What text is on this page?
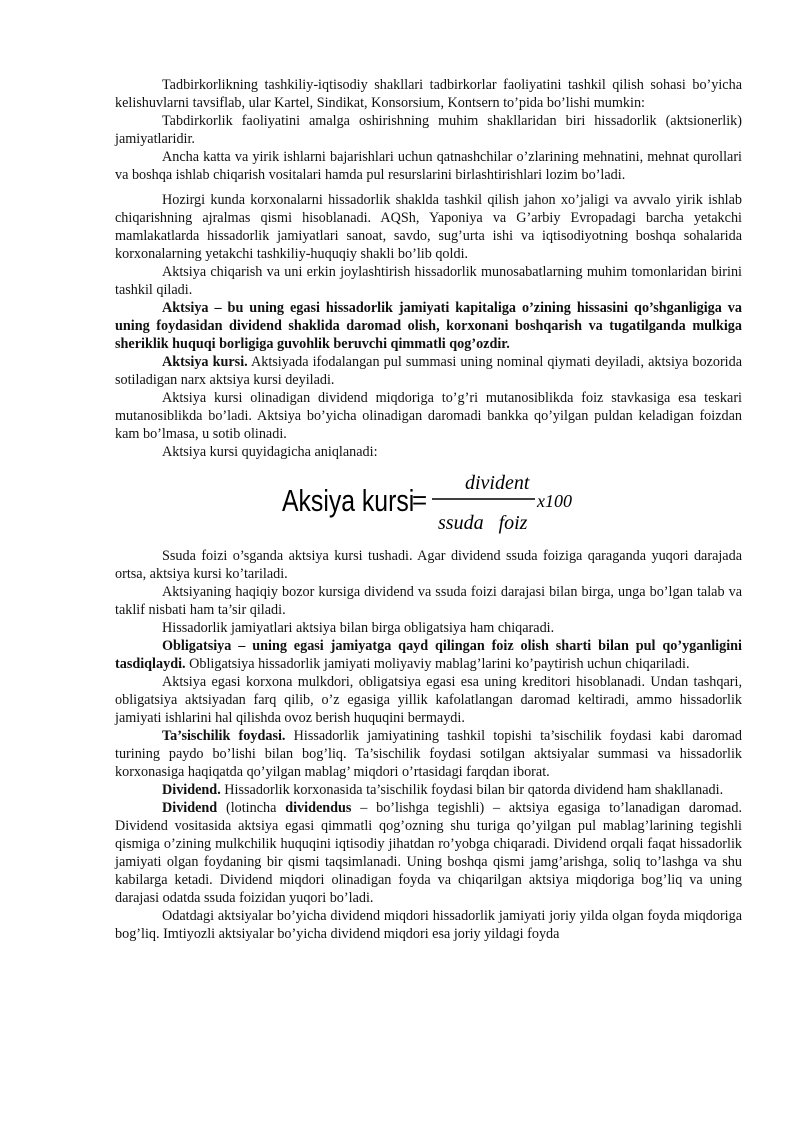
Tadbirkorlikning tashkiliy-iqtisodiy shakllari tadbirkorlar faoliyatini tashkil qilish sohasi bo’yicha kelishuvlarni tavsiflab, ular Kartel, Sindikat, Konsorsium, Kontsern to’pida bo’lishi mumkin:

Tabdirkorlik faoliyatini amalga oshirishning muhim shakllaridan biri hissadorlik (aktsionerlik) jamiyatlaridir.

Ancha katta va yirik ishlarni bajarishlari uchun qatnashchilar o’zlarining mehnatini, mehnat qurollari va boshqa ishlab chiqarish vositalari hamda pul resurslarini birlashtirishlari lozim bo’ladi.

Hozirgi kunda korxonalarni hissadorlik shaklda tashkil qilish jahon xo’jaligi va avvalo yirik ishlab chiqarishning ajralmas qismi hisoblanadi. AQSh, Yaponiya va G’arbiy Evropadagi barcha yetakchi mamlakatlarda hissadorlik jamiyatlari sanoat, savdo, sug’urta ishi va iqtisodiyotning boshqa sohalarida korxonalarning yetakchi tashkiliy-huquqiy shakli bo’lib qoldi.

Aktsiya chiqarish va uni erkin joylashtirish hissadorlik munosabatlarning muhim tomonlaridan birini tashkil qiladi.

Aktsiya – bu uning egasi hissadorlik jamiyati kapitaliga o’zining hissasini qo’shganligiga va uning foydasidan dividend shaklida daromad olish, korxonani boshqarish va tugatilganda mulkiga sheriklik huquqi borligiga guvohlik beruvchi qimmatli qog’ozdir.

Aktsiya kursi. Aktsiyada ifodalangan pul summasi uning nominal qiymati deyiladi, aktsiya bozorida sotiladigan narx aktsiya kursi deyiladi.

Aktsiya kursi olinadigan dividend miqdoriga to’g’ri mutanosiblikda foiz stavkasiga esa teskari mutanosiblikda bo’ladi. Aktsiya bo’yicha olinadigan daromadi bankka qo’yilgan puldan keladigan foizdan kam bo’lmasa, u sotib olinadi.

Aktsiya kursi quyidagicha aniqlanadi:

Aksiya kursi
=
divident
ssuda   foiz
x100

Ssuda foizi o’sganda aktsiya kursi tushadi. Agar dividend ssuda foiziga qaraganda yuqori darajada ortsa, aktsiya kursi ko’tariladi.

Aktsiyaning haqiqiy bozor kursiga dividend va ssuda foizi darajasi bilan birga, unga bo’lgan talab va taklif nisbati ham ta’sir qiladi.

Hissadorlik jamiyatlari aktsiya bilan birga obligatsiya ham chiqaradi.

Obligatsiya – uning egasi jamiyatga qayd qilingan foiz olish sharti bilan pul qo’yganligini tasdiqlaydi. Obligatsiya hissadorlik jamiyati moliyaviy mablag’larini ko’paytirish uchun chiqariladi.

Aktsiya egasi korxona mulkdori, obligatsiya egasi esa uning kreditori hisoblanadi. Undan tashqari, obligatsiya aktsiyadan farq qilib, o’z egasiga yillik kafolatlangan daromad keltiradi, ammo hissadorlik jamiyati ishlarini hal qilishda ovoz berish huquqini bermaydi.

Ta’sischilik foydasi. Hissadorlik jamiyatining tashkil topishi ta’sischilik foydasi kabi daromad turining paydo bo’lishi bilan bog’liq. Ta’sischilik foydasi sotilgan aktsiyalar summasi va hissadorlik korxonasiga haqiqatda qo’yilgan mablag’ miqdori o’rtasidagi farqdan iborat.

Dividend. Hissadorlik korxonasida ta’sischilik foydasi bilan bir qatorda dividend ham shakllanadi.

Dividend (lotincha dividendus – bo’lishga tegishli) – aktsiya egasiga to’lanadigan daromad. Dividend vositasida aktsiya egasi qimmatli qog’ozning shu turiga qo’yilgan pul mablag’larining tegishli qismiga o’zining mulkchilik huquqini iqtisodiy jihatdan ro’yobga chiqaradi. Dividend orqali faqat hissadorlik jamiyati olgan foydaning bir qismi taqsimlanadi. Uning boshqa qismi jamg’arishga, soliq to’lashga va shu kabilarga ketadi. Dividend miqdori olinadigan foyda va chiqarilgan aktsiya miqdoriga bog’liq va uning darajasi odatda ssuda foizidan yuqori bo’ladi.

Odatdagi aktsiyalar bo’yicha dividend miqdori hissadorlik jamiyati joriy yilda olgan foyda miqdoriga bog’liq. Imtiyozli aktsiyalar bo’yicha dividend miqdori esa joriy yildagi foyda
